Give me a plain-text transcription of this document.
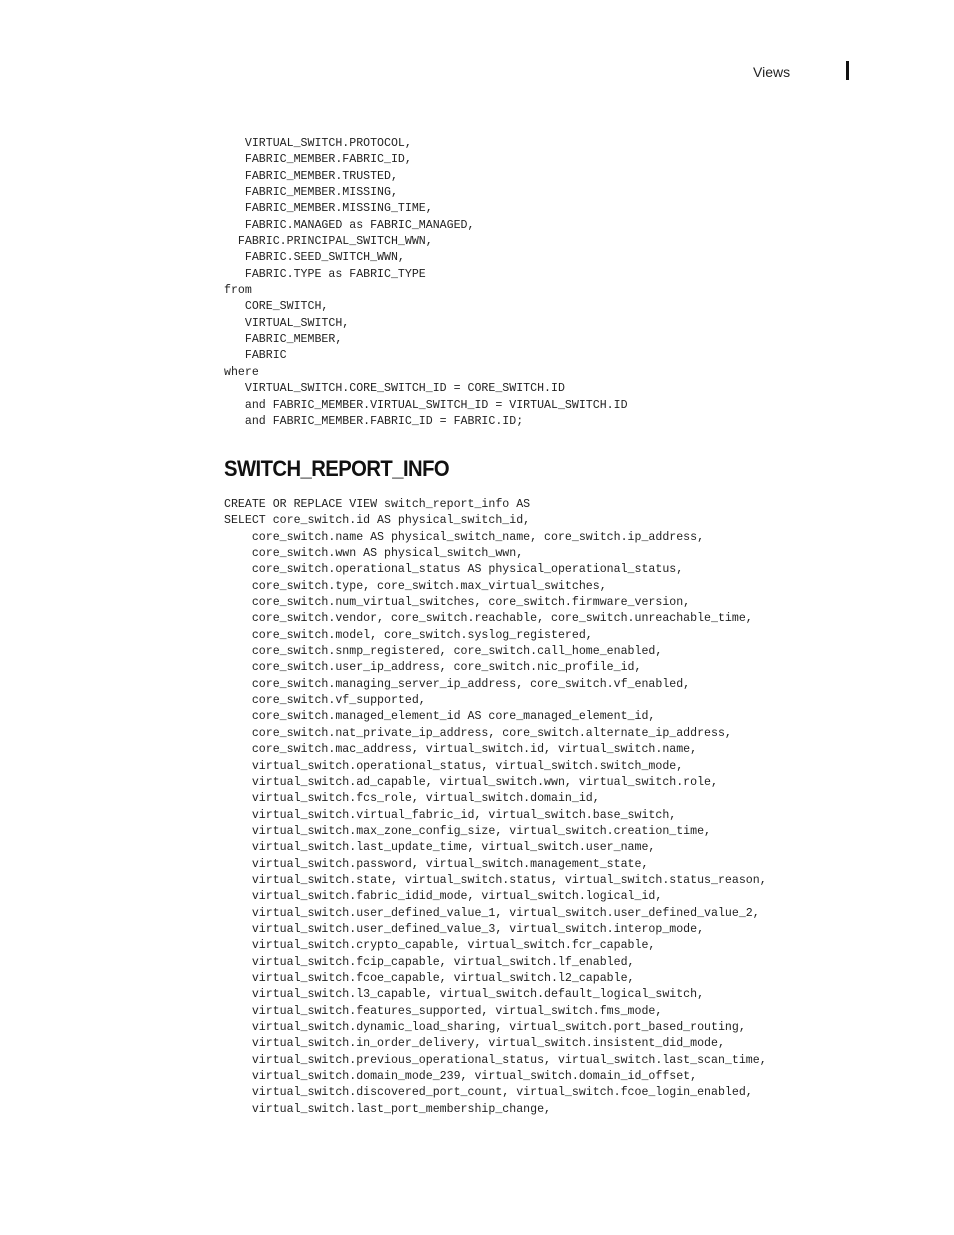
Views
VIRTUAL_SWITCH.PROTOCOL,
FABRIC_MEMBER.FABRIC_ID,
FABRIC_MEMBER.TRUSTED,
FABRIC_MEMBER.MISSING,
FABRIC_MEMBER.MISSING_TIME,
FABRIC.MANAGED as FABRIC_MANAGED,
FABRIC.PRINCIPAL_SWITCH_WWN,
FABRIC.SEED_SWITCH_WWN,
FABRIC.TYPE as FABRIC_TYPE
from
CORE_SWITCH,
VIRTUAL_SWITCH,
FABRIC_MEMBER,
FABRIC
where
VIRTUAL_SWITCH.CORE_SWITCH_ID = CORE_SWITCH.ID
and FABRIC_MEMBER.VIRTUAL_SWITCH_ID = VIRTUAL_SWITCH.ID
and FABRIC_MEMBER.FABRIC_ID = FABRIC.ID;
SWITCH_REPORT_INFO
CREATE OR REPLACE VIEW switch_report_info AS
SELECT core_switch.id AS physical_switch_id,
core_switch.name AS physical_switch_name, core_switch.ip_address,
core_switch.wwn AS physical_switch_wwn,
core_switch.operational_status AS physical_operational_status,
core_switch.type, core_switch.max_virtual_switches,
core_switch.num_virtual_switches, core_switch.firmware_version,
core_switch.vendor, core_switch.reachable, core_switch.unreachable_time,
core_switch.model, core_switch.syslog_registered,
core_switch.snmp_registered, core_switch.call_home_enabled,
core_switch.user_ip_address, core_switch.nic_profile_id,
core_switch.managing_server_ip_address, core_switch.vf_enabled,
core_switch.vf_supported,
core_switch.managed_element_id AS core_managed_element_id,
core_switch.nat_private_ip_address, core_switch.alternate_ip_address,
core_switch.mac_address, virtual_switch.id, virtual_switch.name,
virtual_switch.operational_status, virtual_switch.switch_mode,
virtual_switch.ad_capable, virtual_switch.wwn, virtual_switch.role,
virtual_switch.fcs_role, virtual_switch.domain_id,
virtual_switch.virtual_fabric_id, virtual_switch.base_switch,
virtual_switch.max_zone_config_size, virtual_switch.creation_time,
virtual_switch.last_update_time, virtual_switch.user_name,
virtual_switch.password, virtual_switch.management_state,
virtual_switch.state, virtual_switch.status, virtual_switch.status_reason,
virtual_switch.fabric_idid_mode, virtual_switch.logical_id,
virtual_switch.user_defined_value_1, virtual_switch.user_defined_value_2,
virtual_switch.user_defined_value_3, virtual_switch.interop_mode,
virtual_switch.crypto_capable, virtual_switch.fcr_capable,
virtual_switch.fcip_capable, virtual_switch.lf_enabled,
virtual_switch.fcoe_capable, virtual_switch.l2_capable,
virtual_switch.l3_capable, virtual_switch.default_logical_switch,
virtual_switch.features_supported, virtual_switch.fms_mode,
virtual_switch.dynamic_load_sharing, virtual_switch.port_based_routing,
virtual_switch.in_order_delivery, virtual_switch.insistent_did_mode,
virtual_switch.previous_operational_status, virtual_switch.last_scan_time,
virtual_switch.domain_mode_239, virtual_switch.domain_id_offset,
virtual_switch.discovered_port_count, virtual_switch.fcoe_login_enabled,
virtual_switch.last_port_membership_change,
